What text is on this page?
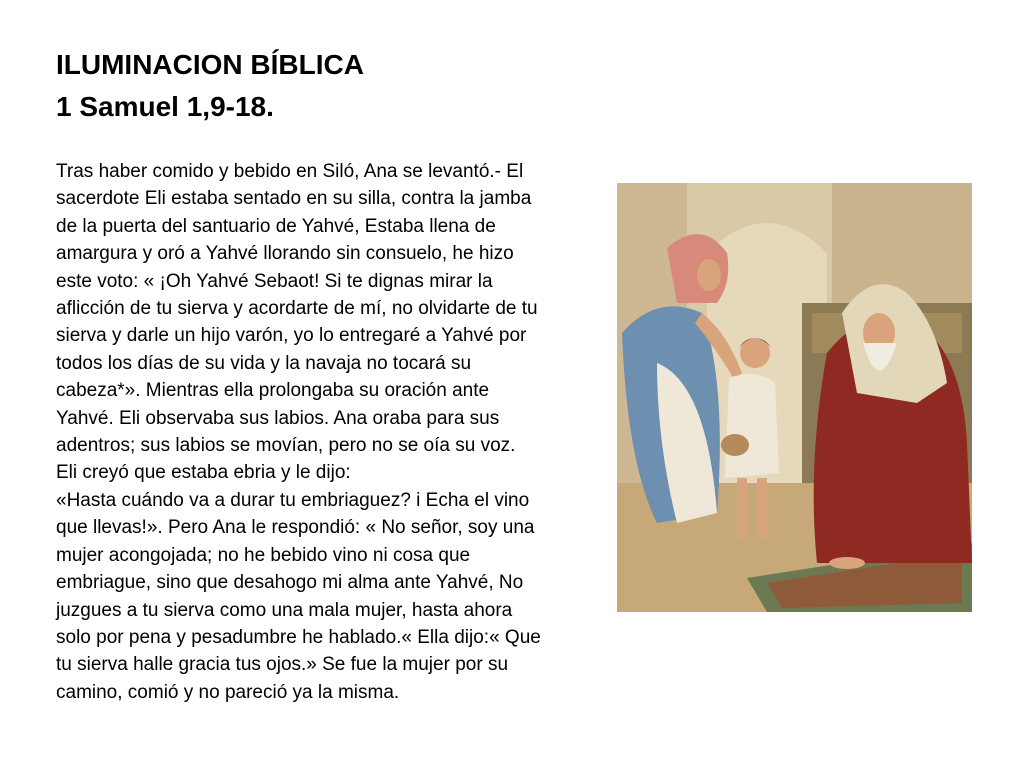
ILUMINACION BÍBLICA
1 Samuel 1,9-18.
Tras haber comido y bebido en Siló, Ana se levantó.- El
sacerdote Eli estaba sentado en su silla, contra la jamba
de la puerta del santuario de Yahvé, Estaba llena de
amargura y oró a Yahvé llorando sin consuelo, he hizo
este voto: « ¡Oh Yahvé Sebaot! Si te dignas mirar la
aflicción de tu sierva y acordarte de mí, no olvidarte de tu
sierva y darle un hijo varón, yo lo entregaré a Yahvé por
todos los días de su vida y la navaja no tocará su
cabeza*». Mientras ella prolongaba su oración ante
Yahvé. Eli observaba sus labios. Ana oraba para sus
adentros; sus labios se movían, pero no se oía su voz.
Eli creyó que estaba ebria y le dijo:
«Hasta cuándo va a durar tu embriaguez? i Echa el vino
que llevas!». Pero Ana le respondió: « No señor, soy una
mujer acongojada; no he bebido vino ni cosa que
embriague, sino que desahogo mi alma ante Yahvé, No
juzgues a tu sierva como una mala mujer, hasta ahora
solo por pena y pesadumbre he hablado.« Ella dijo:« Que
tu sierva halle gracia tus ojos.» Se fue la mujer por su
camino, comió y no pareció ya la misma.
